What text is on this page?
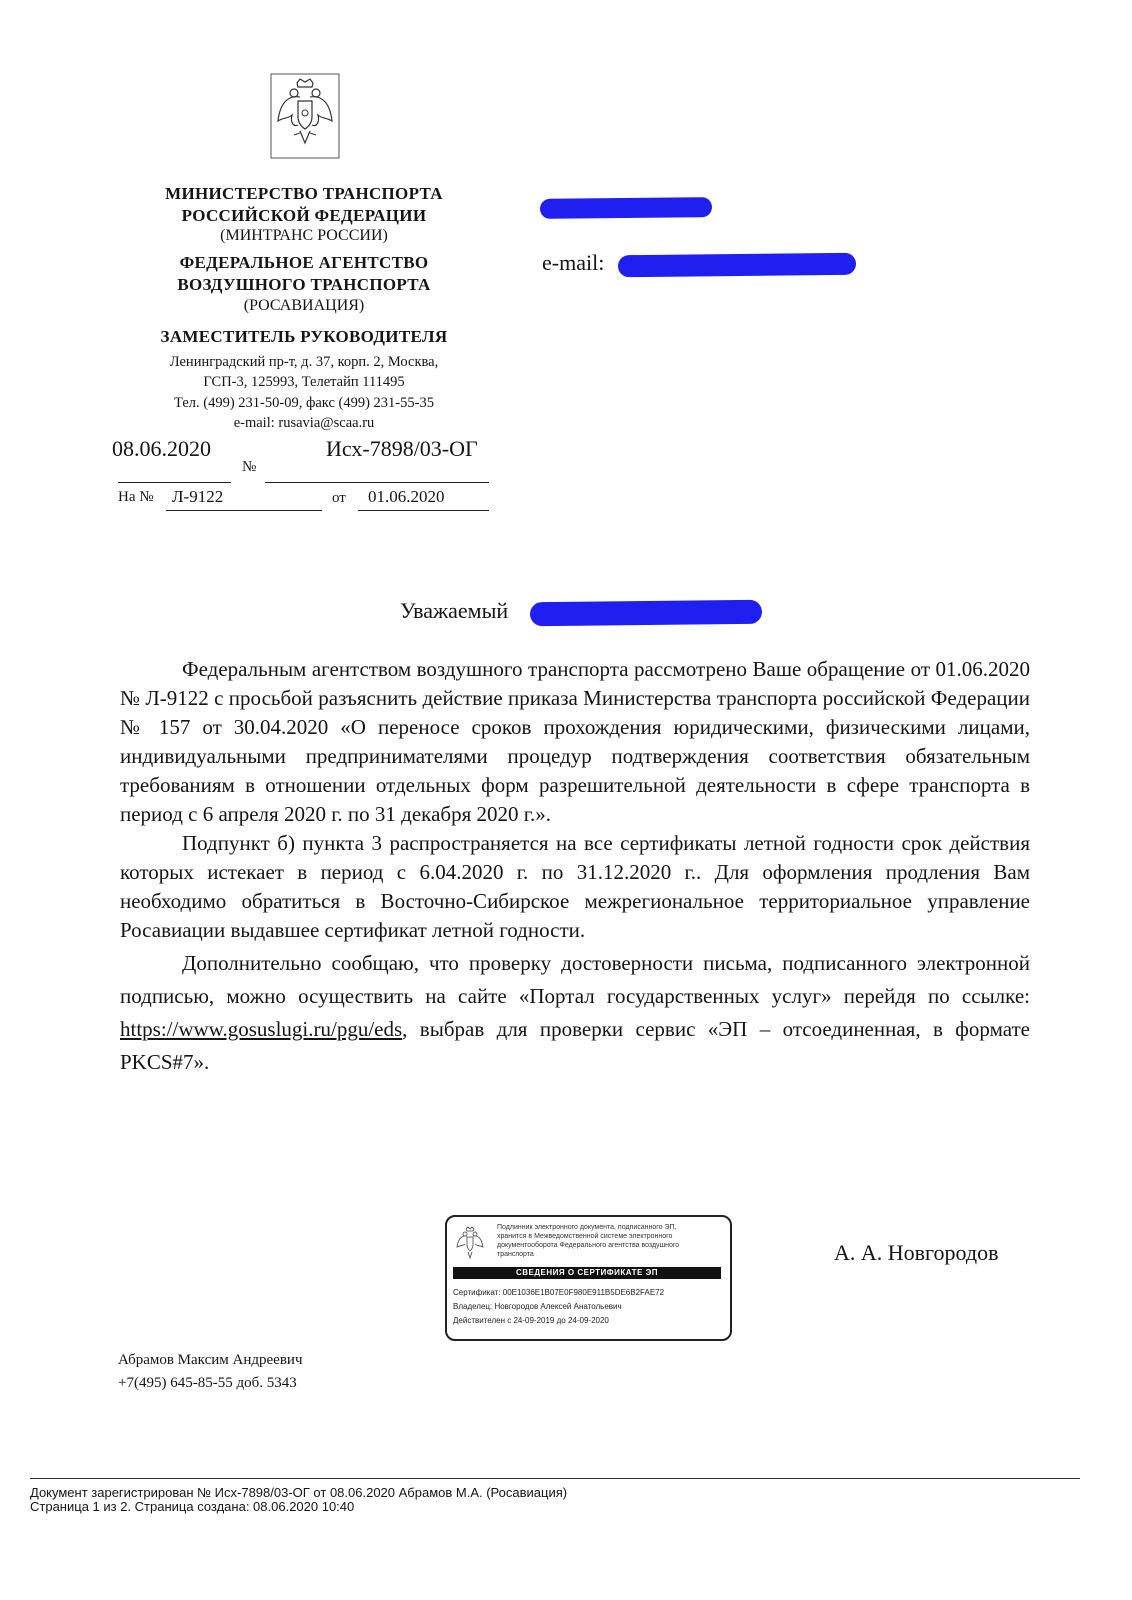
МИНИСТЕРСТВО ТРАНСПОРТА
РОССИЙСКОЙ ФЕДЕРАЦИИ
(МИНТРАНС РОССИИ)
ФЕДЕРАЛЬНОЕ АГЕНТСТВО
ВОЗДУШНОГО ТРАНСПОРТА
(РОСАВИАЦИЯ)
ЗАМЕСТИТЕЛЬ РУКОВОДИТЕЛЯ
Ленинградский пр-т, д. 37, корп. 2, Москва,
ГСП-3, 125993, Телетайп 111495
Тел. (499) 231-50-09, факс (499) 231-55-35
e-mail: rusavia@scaa.ru
08.06.2020
№
Исх-7898/03-ОГ
На № Л-9122	от 01.06.2020
e-mail:
Уважаемый

Федеральным агентством воздушного транспорта рассмотрено Ваше обращение от 01.06.2020 № Л-9122 с просьбой разъяснить действие приказа Министерства транспорта российской Федерации № 157 от 30.04.2020 «О переносе сроков прохождения юридическими, физическими лицами, индивидуальными предпринимателями процедур подтверждения соответствия обязательным требованиям в отношении отдельных форм разрешительной деятельности в сфере транспорта в период с 6 апреля 2020 г. по 31 декабря 2020 г.».

Подпункт б) пункта 3 распространяется на все сертификаты летной годности срок действия которых истекает в период с 6.04.2020 г. по 31.12.2020 г.. Для оформления продления Вам необходимо обратиться в Восточно-Сибирское межрегиональное территориальное управление Росавиации выдавшее сертификат летной годности.

Дополнительно сообщаю, что проверку достоверности письма, подписанного электронной подписью, можно осуществить на сайте «Портал государственных услуг» перейдя по ссылке: https://www.gosuslugi.ru/pgu/eds, выбрав для проверки сервис «ЭП – отсоединенная, в формате PKCS#7».

Подлинник электронного документа, подписанного ЭП,
хранится в Межведомственной системе электронного
документооборота Федерального агентства воздушного
транспорта
СВЕДЕНИЯ О СЕРТИФИКАТЕ ЭП
Сертификат: 00E1036E1B07E0F980E911B5DE6B2FAE72
Владелец: Новгородов Алексей Анатольевич
Действителен с 24-09-2019 до 24-09-2020
А. А. Новгородов
Абрамов Максим Андреевич
+7(495) 645-85-55 доб. 5343
Документ зарегистрирован № Исх-7898/03-ОГ от 08.06.2020 Абрамов М.А. (Росавиация)
Страница 1 из 2. Страница создана: 08.06.2020 10:40
